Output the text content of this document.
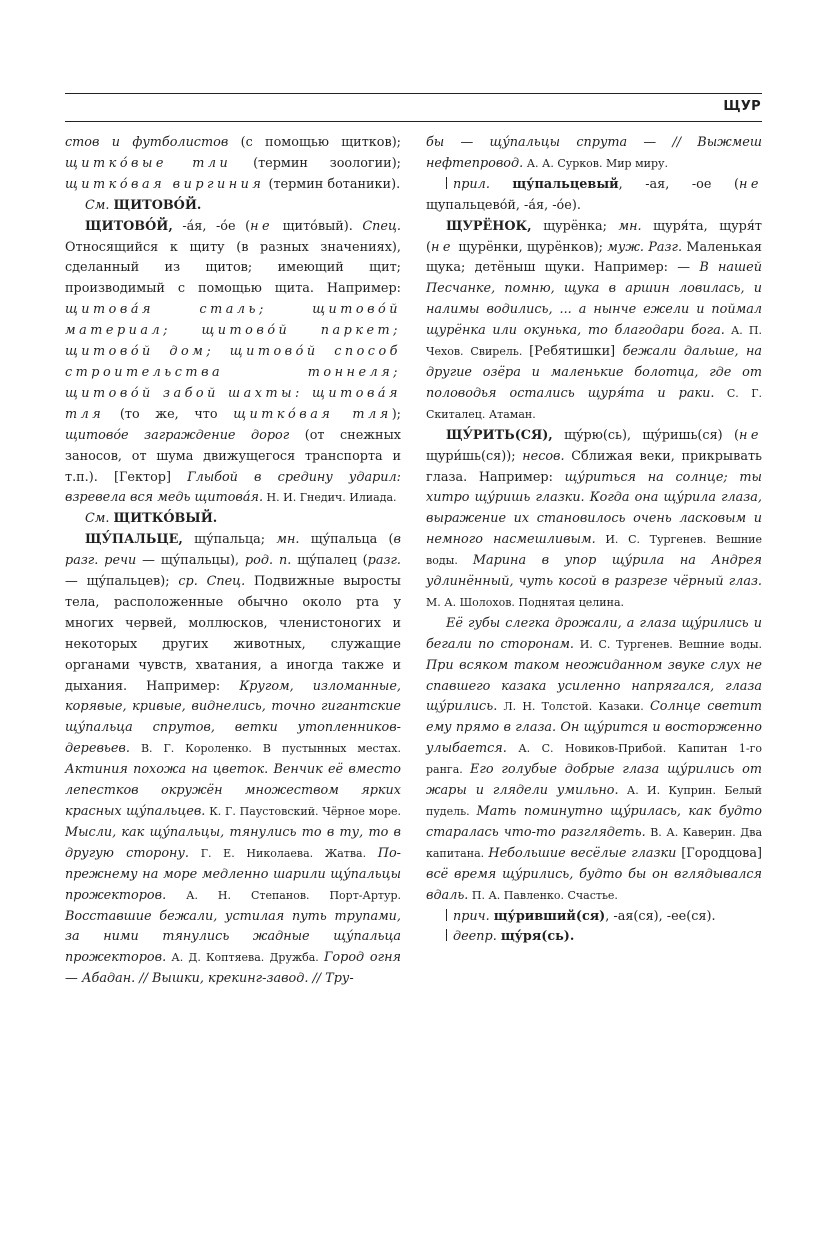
ЩУР

стов и футболистов (с помощью щитков); щитко́вые тли (термин зоологии); щитко́вая виргиния (термин ботаники).

См. ЩИТОВО́Й.

ЩИТОВО́Й, -а́я, -о́е (не щито́вый). Спец. Относящийся к щиту (в разных значениях), сделанный из щитов; имеющий щит; производимый с помощью щита. Например: щитова́я сталь; щитово́й материал; щитово́й паркет; щитово́й дом; щитово́й способ строительства тоннеля; щитово́й забой шахты: щитова́я тля (то же, что щитко́вая тля); щитово́е заграждение дорог (от снежных заносов, от шума движущегося транспорта и т.п.). [Гектор] Глыбой в средину ударил: взревела вся медь щитова́я. Н. И. Гнедич. Илиада.

См. ЩИТКО́ВЫЙ.

ЩУ́ПАЛЬЦЕ, щу́пальца; мн. щу́пальца (в разг. речи — щу́пальцы), род. п. щу́палец (разг. — щу́пальцев); ср. Спец. Подвижные выросты тела, расположенные обычно около рта у многих червей, моллюсков, членистоногих и некоторых других животных, служащие органами чувств, хватания, а иногда также и дыхания. Например: Кругом, изломанные, корявые, кривые, виднелись, точно гигантские щу́пальца спрутов, ветки утопленников-деревьев. В. Г. Короленко. В пустынных местах. Актиния похожа на цветок. Венчик её вместо лепестков окружён множеством ярких красных щу́пальцев. К. Г. Паустовский. Чёрное море. Мысли, как щу́пальцы, тянулись то в ту, то в другую сторону. Г. Е. Николаева. Жатва. По-прежнему на море медленно шарили щу́пальцы прожекторов. А. Н. Степанов. Порт-Артур. Восставшие бежали, устилая путь трупами, за ними тянулись жадные щу́пальца прожекторов. А. Д. Коптяева. Дружба. Город огня — Абадан. // Вышки, крекинг-завод. // Тру-

бы — щу́пальцы спрута — // Выжмеш нефтепровод. А. А. Сурков. Мир миру.

прил. щу́пальцевый, -ая, -ое (не щупальцево́й, -а́я, -о́е).

ЩУРЁНОК, щурёнка; мн. щуря́та, щуря́т (не щурёнки, щурёнков); муж. Разг. Маленькая щука; детёныш щуки. Например: — В нашей Песчанке, помню, щука в аршин ловилась, и налимы водились, ... а нынче ежели и поймал щурёнка или окунька, то благодари бога. А. П. Чехов. Свирель. [Ребятишки] бежали дальше, на другие озёра и маленькие болотца, где от половодья остались щуря́та и раки. С. Г. Скиталец. Атаман.

ЩУ́РИТЬ(СЯ), щу́рю(сь), щу́ришь(ся) (не щури́шь(ся)); несов. Сближая веки, прикрывать глаза. Например: щу́риться на солнце; ты хитро щу́ришь глазки. Когда она щу́рила глаза, выражение их становилось очень ласковым и немного насмешливым. И. С. Тургенев. Вешние воды. Марина в упор щу́рила на Андрея удлинённый, чуть косой в разрезе чёрный глаз. М. А. Шолохов. Поднятая целина.

Её губы слегка дрожали, а глаза щу́рились и бегали по сторонам. И. С. Тургенев. Вешние воды. При всяком таком неожиданном звуке слух не спавшего казака усиленно напрягался, глаза щу́рились. Л. Н. Толстой. Казаки. Солнце светит ему прямо в глаза. Он щу́рится и восторженно улыбается. А. С. Новиков-Прибой. Капитан 1-го ранга. Его голубые добрые глаза щу́рились от жары и глядели умильно. А. И. Куприн. Белый пудель. Мать поминутно щу́рилась, как будто старалась что-то разглядеть. В. А. Каверин. Два капитана. Небольшие весёлые глазки [Городцова] всё время щу́рились, будто бы он вглядывался вдаль. П. А. Павленко. Счастье.

прич. щу́ривший(ся), -ая(ся), -ее(ся).

деепр. щу́ря(сь).
